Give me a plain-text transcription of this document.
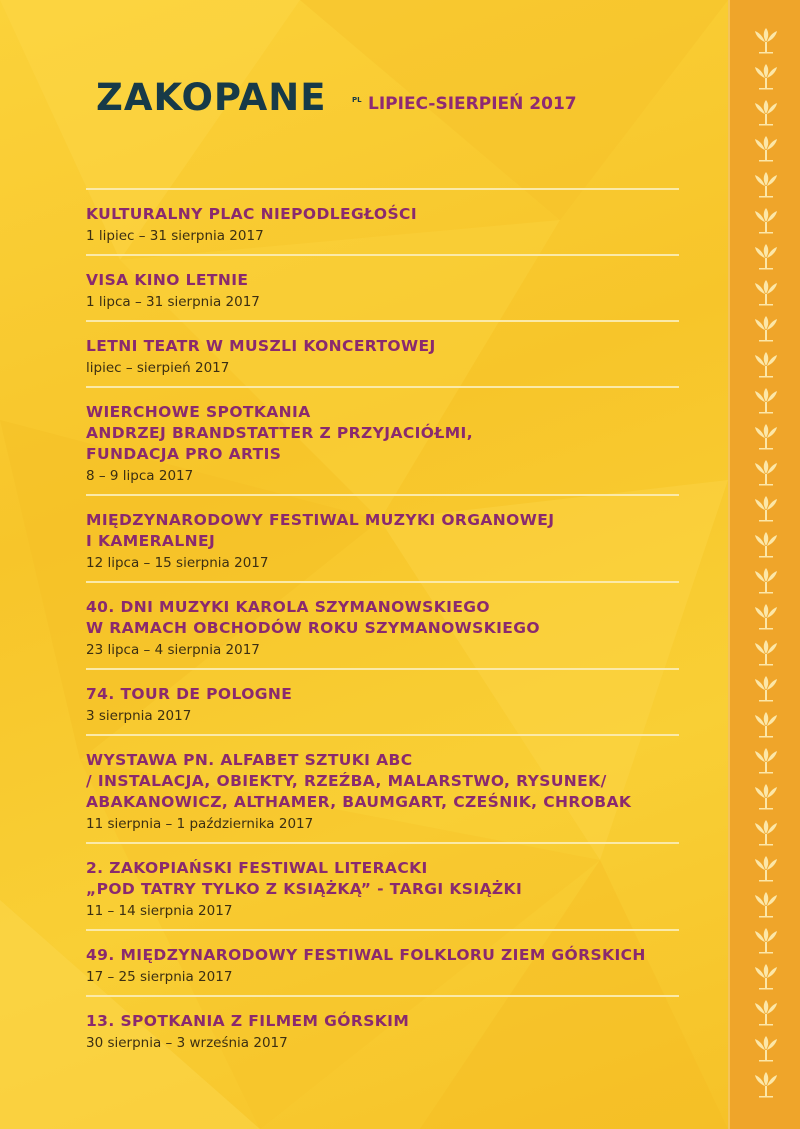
ZAKOPANE	PL LIPIEC-SIERPIEŃ 2017
KULTURALNY PLAC NIEPODLEGŁOŚCI
1 lipiec – 31 sierpnia 2017
VISA KINO LETNIE
1 lipca – 31 sierpnia 2017
LETNI TEATR W MUSZLI KONCERTOWEJ
lipiec – sierpień 2017
WIERCHOWE SPOTKANIA
ANDRZEJ BRANDSTATTER Z PRZYJACIÓŁMI,
FUNDACJA PRO ARTIS
8 – 9 lipca 2017
MIĘDZYNARODOWY FESTIWAL MUZYKI ORGANOWEJ
I KAMERALNEJ
12 lipca – 15 sierpnia 2017
40. DNI MUZYKI KAROLA SZYMANOWSKIEGO
W RAMACH OBCHODÓW ROKU SZYMANOWSKIEGO
23 lipca – 4 sierpnia 2017
74. TOUR DE POLOGNE
3 sierpnia 2017
WYSTAWA PN. ALFABET SZTUKI ABC
/ INSTALACJA, OBIEKTY, RZEŹBA, MALARSTWO, RYSUNEK/
ABAKANOWICZ, ALTHAMER, BAUMGART, CZEŚNIK, CHROBAK
11 sierpnia – 1 października 2017
2. ZAKOPIAŃSKI FESTIWAL LITERACKI
„POD TATRY TYLKO Z KSIĄŻKĄ” - TARGI KSIĄŻKI
11 – 14 sierpnia 2017
49. MIĘDZYNARODOWY FESTIWAL FOLKLORU ZIEM GÓRSKICH
17 – 25 sierpnia 2017
13. SPOTKANIA Z FILMEM GÓRSKIM
30 sierpnia – 3 września 2017
